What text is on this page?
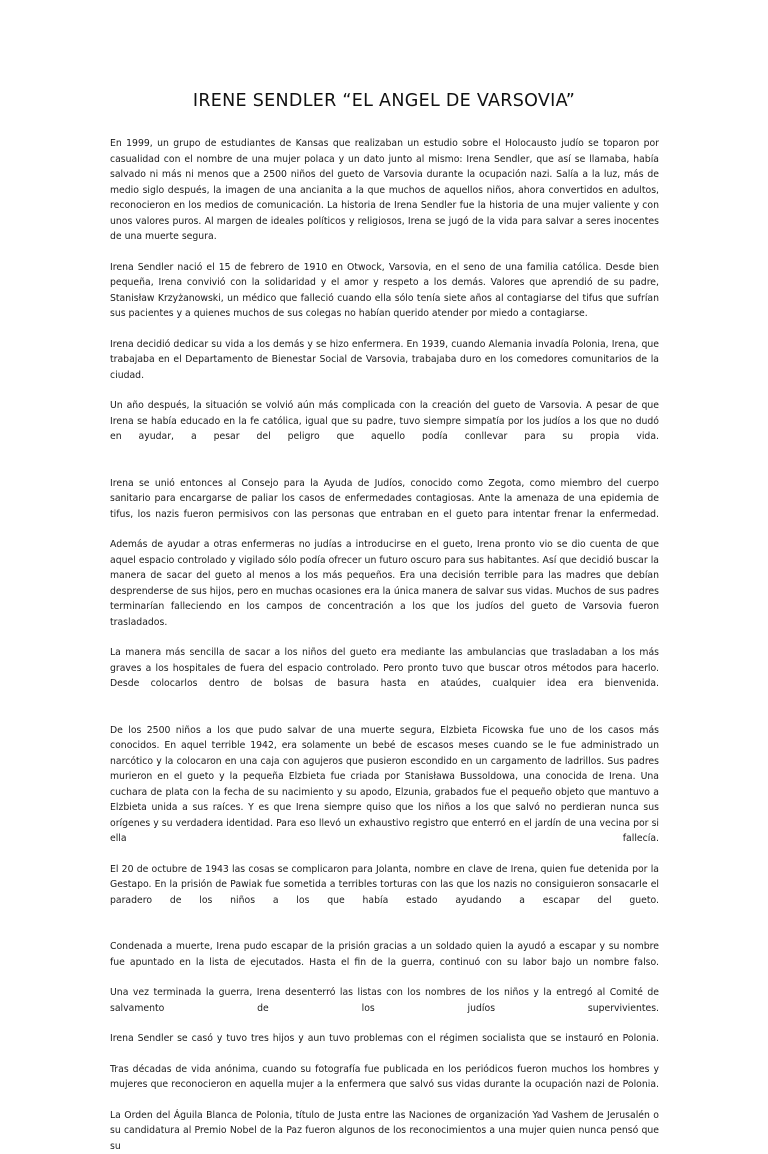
IRENE SENDLER “EL ANGEL DE VARSOVIA”

En 1999, un grupo de estudiantes de Kansas que realizaban un estudio sobre el Holocausto judío se toparon por casualidad con el nombre de una mujer polaca y un dato junto al mismo: Irena Sendler, que así se llamaba, había salvado ni más ni menos que a 2500 niños del gueto de Varsovia durante la ocupación nazi. Salía a la luz, más de medio siglo después, la imagen de una ancianita a la que muchos de aquellos niños, ahora convertidos en adultos, reconocieron en los medios de comunicación. La historia de Irena Sendler fue la historia de una mujer valiente y con unos valores puros. Al margen de ideales políticos y religiosos, Irena se jugó de la vida para salvar a seres inocentes de una muerte segura.

Irena Sendler nació el 15 de febrero de 1910 en Otwock, Varsovia, en el seno de una familia católica. Desde bien pequeña, Irena convivió con la solidaridad y el amor y respeto a los demás. Valores que aprendió de su padre, Stanisław Krzyżanowski, un médico que falleció cuando ella sólo tenía siete años al contagiarse del tifus que sufrían sus pacientes y a quienes muchos de sus colegas no habían querido atender por miedo a contagiarse.

Irena decidió dedicar su vida a los demás y se hizo enfermera. En 1939, cuando Alemania invadía Polonia, Irena, que trabajaba en el Departamento de Bienestar Social de Varsovia, trabajaba duro en los comedores comunitarios de la ciudad.

Un año después, la situación se volvió aún más complicada con la creación del gueto de Varsovia. A pesar de que Irena se había educado en la fe católica, igual que su padre, tuvo siempre simpatía por los judíos a los que no dudó en ayudar, a pesar del peligro que aquello podía conllevar para su propia vida.

Irena se unió entonces al Consejo para la Ayuda de Judíos, conocido como Zegota, como miembro del cuerpo sanitario para encargarse de paliar los casos de enfermedades contagiosas. Ante la amenaza de una epidemia de tifus, los nazis fueron permisivos con las personas que entraban en el gueto para intentar frenar la enfermedad.

Además de ayudar a otras enfermeras no judías a introducirse en el gueto, Irena pronto vio se dio cuenta de que aquel espacio controlado y vigilado sólo podía ofrecer un futuro oscuro para sus habitantes. Así que decidió buscar la manera de sacar del gueto al menos a los más pequeños. Era una decisión terrible para las madres que debían desprenderse de sus hijos, pero en muchas ocasiones era la única manera de salvar sus vidas. Muchos de sus padres terminarían falleciendo en los campos de concentración a los que los judíos del gueto de Varsovia fueron trasladados.

La manera más sencilla de sacar a los niños del gueto era mediante las ambulancias que trasladaban a los más graves a los hospitales de fuera del espacio controlado. Pero pronto tuvo que buscar otros métodos para hacerlo. Desde colocarlos dentro de bolsas de basura hasta en ataúdes, cualquier idea era bienvenida.

De los 2500 niños a los que pudo salvar de una muerte segura, Elzbieta Ficowska fue uno de los casos más conocidos. En aquel terrible 1942, era solamente un bebé de escasos meses cuando se le fue administrado un narcótico y la colocaron en una caja con agujeros que pusieron escondido en un cargamento de ladrillos. Sus padres murieron en el gueto y la pequeña Elzbieta fue criada por Stanisława Bussoldowa, una conocida de Irena. Una cuchara de plata con la fecha de su nacimiento y su apodo, Elzunia, grabados fue el pequeño objeto que mantuvo a Elzbieta unida a sus raíces. Y es que Irena siempre quiso que los niños a los que salvó no perdieran nunca sus orígenes y su verdadera identidad. Para eso llevó un exhaustivo registro que enterró en el jardín de una vecina por si ella fallecía.

El 20 de octubre de 1943 las cosas se complicaron para Jolanta, nombre en clave de Irena, quien fue detenida por la Gestapo. En la prisión de Pawiak fue sometida a terribles torturas con las que los nazis no consiguieron sonsacarle el paradero de los niños a los que había estado ayudando a escapar del gueto.

Condenada a muerte, Irena pudo escapar de la prisión gracias a un soldado quien la ayudó a escapar y su nombre fue apuntado en la lista de ejecutados. Hasta el fin de la guerra, continuó con su labor bajo un nombre falso.

Una vez terminada la guerra, Irena desenterró las listas con los nombres de los niños y la entregó al Comité de salvamento de los judíos supervivientes.

Irena Sendler se casó y tuvo tres hijos y aun tuvo problemas con el régimen socialista que se instauró en Polonia.

Tras décadas de vida anónima, cuando su fotografía fue publicada en los periódicos fueron muchos los hombres y mujeres que reconocieron en aquella mujer a la enfermera que salvó sus vidas durante la ocupación nazi de Polonia.

La Orden del Águila Blanca de Polonia, título de Justa entre las Naciones de organización Yad Vashem de Jerusalén o su candidatura al Premio Nobel de la Paz fueron algunos de los reconocimientos a una mujer quien nunca pensó que su
